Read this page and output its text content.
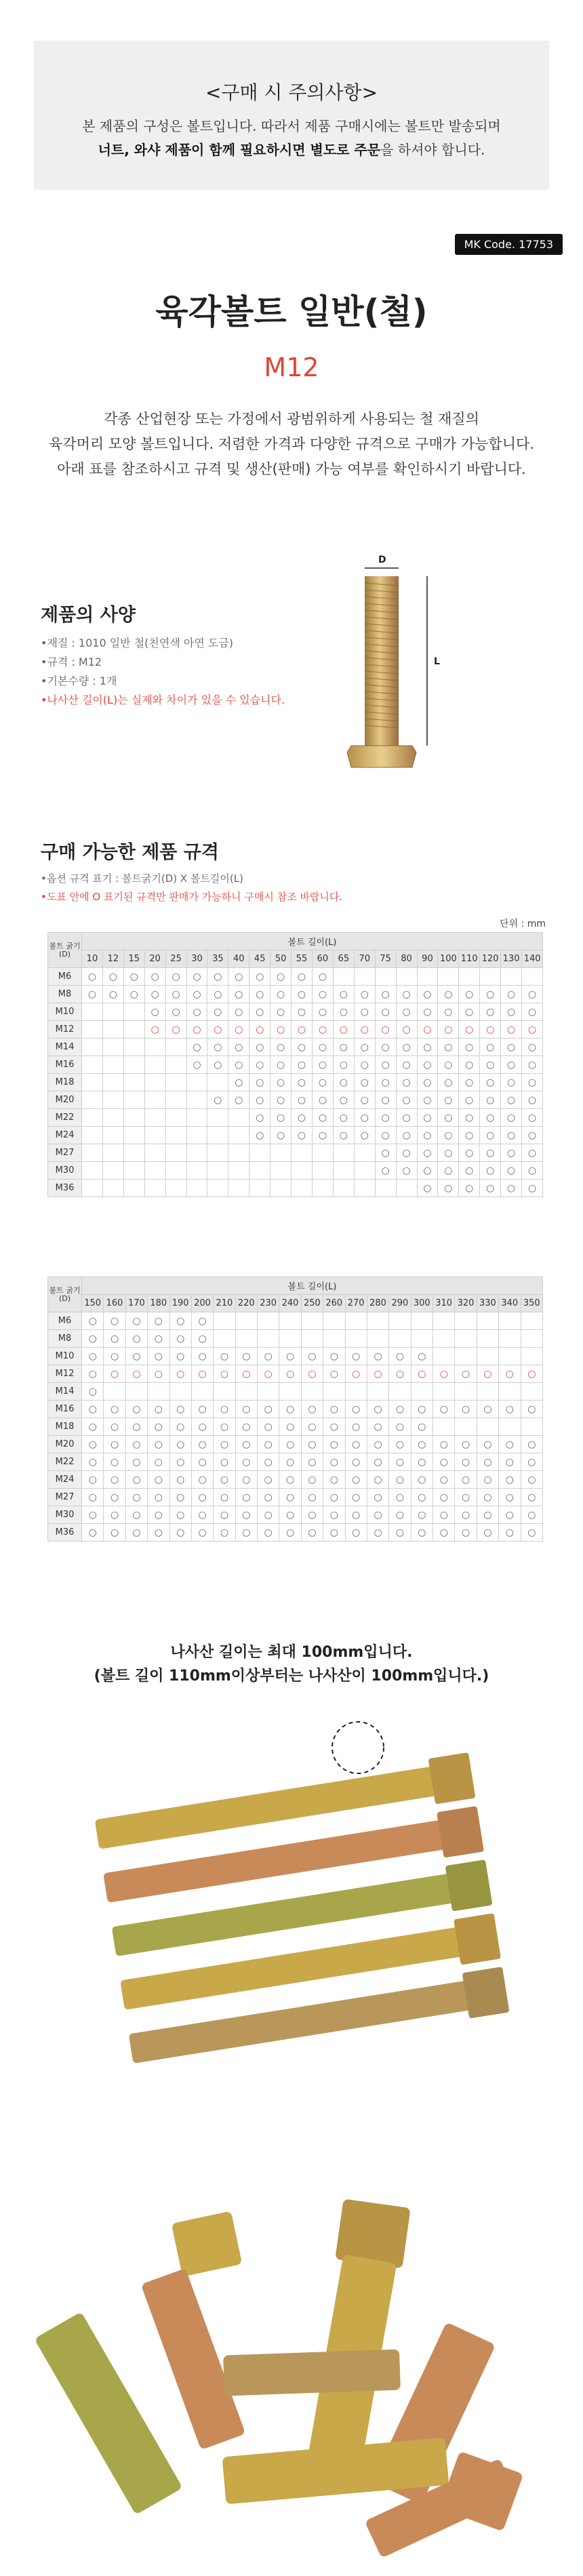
<구매 시 주의사항>
본 제품의 구성은 볼트입니다. 따라서 제품 구매시에는 볼트만 발송되며
너트, 와샤 제품이 함께 필요하시면 별도로 주문을 하셔야 합니다.
MK Code. 17753
육각볼트 일반(철)
M12
각종 산업현장 또는 가정에서 광범위하게 사용되는 철 재질의
육각머리 모양 볼트입니다. 저렴한 가격과 다양한 규격으로 구매가 가능합니다.
아래 표를 참조하시고 규격 및 생산(판매) 가능 여부를 확인하시기 바랍니다.
제품의 사양
•재질 : 1010 일반 철(친연색 아연 도금)
•규격 : M12
•기본수량 : 1개
•나사산 길이(L)는 실제와 차이가 있을 수 있습니다.
D
L
구매 가능한 제품 규격
•옵션 규격 표기 : 볼트굵기(D) X 볼트길이(L)
•도표 안에 O 표기된 규격만 판매가 가능하니 구매시 참조 바랍니다.
단위 : mm
볼트 굵기 (D)	볼트 길이(L)																					
	10	12	15	20	25	30	35	40	45	50	55	60	65	70	75	80	90	100	110	120	130	140
M6	○	○	○	○	○	○	○	○	○	○	○	○										
M8	○	○	○	○	○	○	○	○	○	○	○	○	○	○	○	○	○	○	○	○	○	○
M10				○	○	○	○	○	○	○	○	○	○	○	○	○	○	○	○	○	○	○
M12				○	○	○	○	○	○	○	○	○	○	○	○	○	○	○	○	○	○	○
M14						○	○	○	○	○	○	○	○	○	○	○	○	○	○	○	○	○
M16						○	○	○	○	○	○	○	○	○	○	○	○	○	○	○	○	○
M18								○	○	○	○	○	○	○	○	○	○	○	○	○	○	○
M20							○	○	○	○	○	○	○	○	○	○	○	○	○	○	○	○
M22									○	○	○	○	○	○	○	○	○	○	○	○	○	○
M24									○	○	○	○	○	○	○	○	○	○	○	○	○	○
M27															○	○	○	○	○	○	○	○
M30															○	○	○	○	○	○	○	○
M36																	○	○	○	○	○	○
볼트 굵기 (D)	볼트 길이(L)																				
	150	160	170	180	190	200	210	220	230	240	250	260	270	280	290	300	310	320	330	340	350
M6	○	○	○	○	○	○															
M8	○	○	○	○	○	○															
M10	○	○	○	○	○	○	○	○	○	○	○	○	○	○	○	○					
M12	○	○	○	○	○	○	○	○	○	○	○	○	○	○	○	○	○	○	○	○	○
M14	○																				
M16	○	○	○	○	○	○	○	○	○	○	○	○	○	○	○	○	○	○	○	○	○
M18	○	○	○	○	○	○	○	○	○	○	○	○	○	○	○	○					
M20	○	○	○	○	○	○	○	○	○	○	○	○	○	○	○	○	○	○	○	○	○
M22	○	○	○	○	○	○	○	○	○	○	○	○	○	○	○	○	○	○	○	○	○
M24	○	○	○	○	○	○	○	○	○	○	○	○	○	○	○	○	○	○	○	○	○
M27	○	○	○	○	○	○	○	○	○	○	○	○	○	○	○	○	○	○	○	○	○
M30	○	○	○	○	○	○	○	○	○	○	○	○	○	○	○	○	○	○	○	○	○
M36	○	○	○	○	○	○	○	○	○	○	○	○	○	○	○	○	○	○	○	○	○
나사산 길이는 최대 100mm입니다.
(볼트 길이 110mm이상부터는 나사산이 100mm입니다.)
